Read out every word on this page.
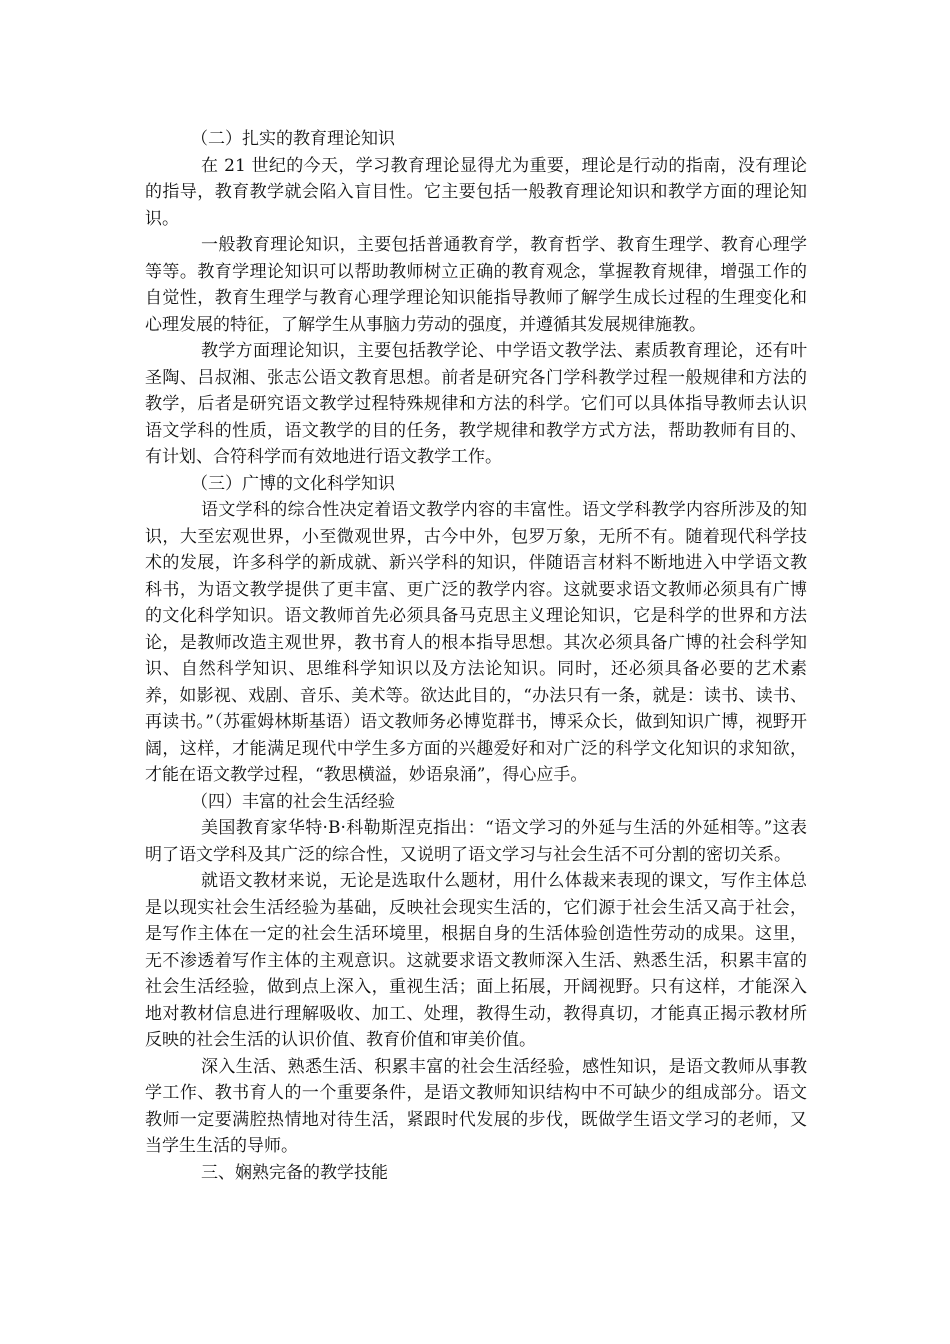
（二）扎实的教育理论知识

在 21 世纪的今天，学习教育理论显得尤为重要，理论是行动的指南，没有理论的指导，教育教学就会陷入盲目性。它主要包括一般教育理论知识和教学方面的理论知识。

一般教育理论知识，主要包括普通教育学，教育哲学、教育生理学、教育心理学等等。教育学理论知识可以帮助教师树立正确的教育观念，掌握教育规律，增强工作的自觉性，教育生理学与教育心理学理论知识能指导教师了解学生成长过程的生理变化和心理发展的特征，了解学生从事脑力劳动的强度，并遵循其发展规律施教。

教学方面理论知识，主要包括教学论、中学语文教学法、素质教育理论，还有叶圣陶、吕叔湘、张志公语文教育思想。前者是研究各门学科教学过程一般规律和方法的教学，后者是研究语文教学过程特殊规律和方法的科学。它们可以具体指导教师去认识语文学科的性质，语文教学的目的任务，教学规律和教学方式方法，帮助教师有目的、有计划、合符科学而有效地进行语文教学工作。

（三）广博的文化科学知识

语文学科的综合性决定着语文教学内容的丰富性。语文学科教学内容所涉及的知识，大至宏观世界，小至微观世界，古今中外，包罗万象，无所不有。随着现代科学技术的发展，许多科学的新成就、新兴学科的知识，伴随语言材料不断地进入中学语文教科书，为语文教学提供了更丰富、更广泛的教学内容。这就要求语文教师必须具有广博的文化科学知识。语文教师首先必须具备马克思主义理论知识，它是科学的世界和方法论，是教师改造主观世界，教书育人的根本指导思想。其次必须具备广博的社会科学知识、自然科学知识、思维科学知识以及方法论知识。同时，还必须具备必要的艺术素养，如影视、戏剧、音乐、美术等。欲达此目的，“办法只有一条，就是：读书、读书、再读书。”（苏霍姆林斯基语）语文教师务必博览群书，博采众长，做到知识广博，视野开阔，这样，才能满足现代中学生多方面的兴趣爱好和对广泛的科学文化知识的求知欲，才能在语文教学过程，“教思横溢，妙语泉涌”，得心应手。

（四）丰富的社会生活经验

美国教育家华特·B·科勒斯涅克指出：“语文学习的外延与生活的外延相等。”这表明了语文学科及其广泛的综合性，又说明了语文学习与社会生活不可分割的密切关系。

就语文教材来说，无论是选取什么题材，用什么体裁来表现的课文，写作主体总是以现实社会生活经验为基础，反映社会现实生活的，它们源于社会生活又高于社会，是写作主体在一定的社会生活环境里，根据自身的生活体验创造性劳动的成果。这里，无不渗透着写作主体的主观意识。这就要求语文教师深入生活、熟悉生活，积累丰富的社会生活经验，做到点上深入，重视生活；面上拓展，开阔视野。只有这样，才能深入地对教材信息进行理解吸收、加工、处理，教得生动，教得真切，才能真正揭示教材所反映的社会生活的认识价值、教育价值和审美价值。

深入生活、熟悉生活、积累丰富的社会生活经验，感性知识，是语文教师从事教学工作、教书育人的一个重要条件，是语文教师知识结构中不可缺少的组成部分。语文教师一定要满腔热情地对待生活，紧跟时代发展的步伐，既做学生语文学习的老师，又当学生生活的导师。

三、娴熟完备的教学技能
